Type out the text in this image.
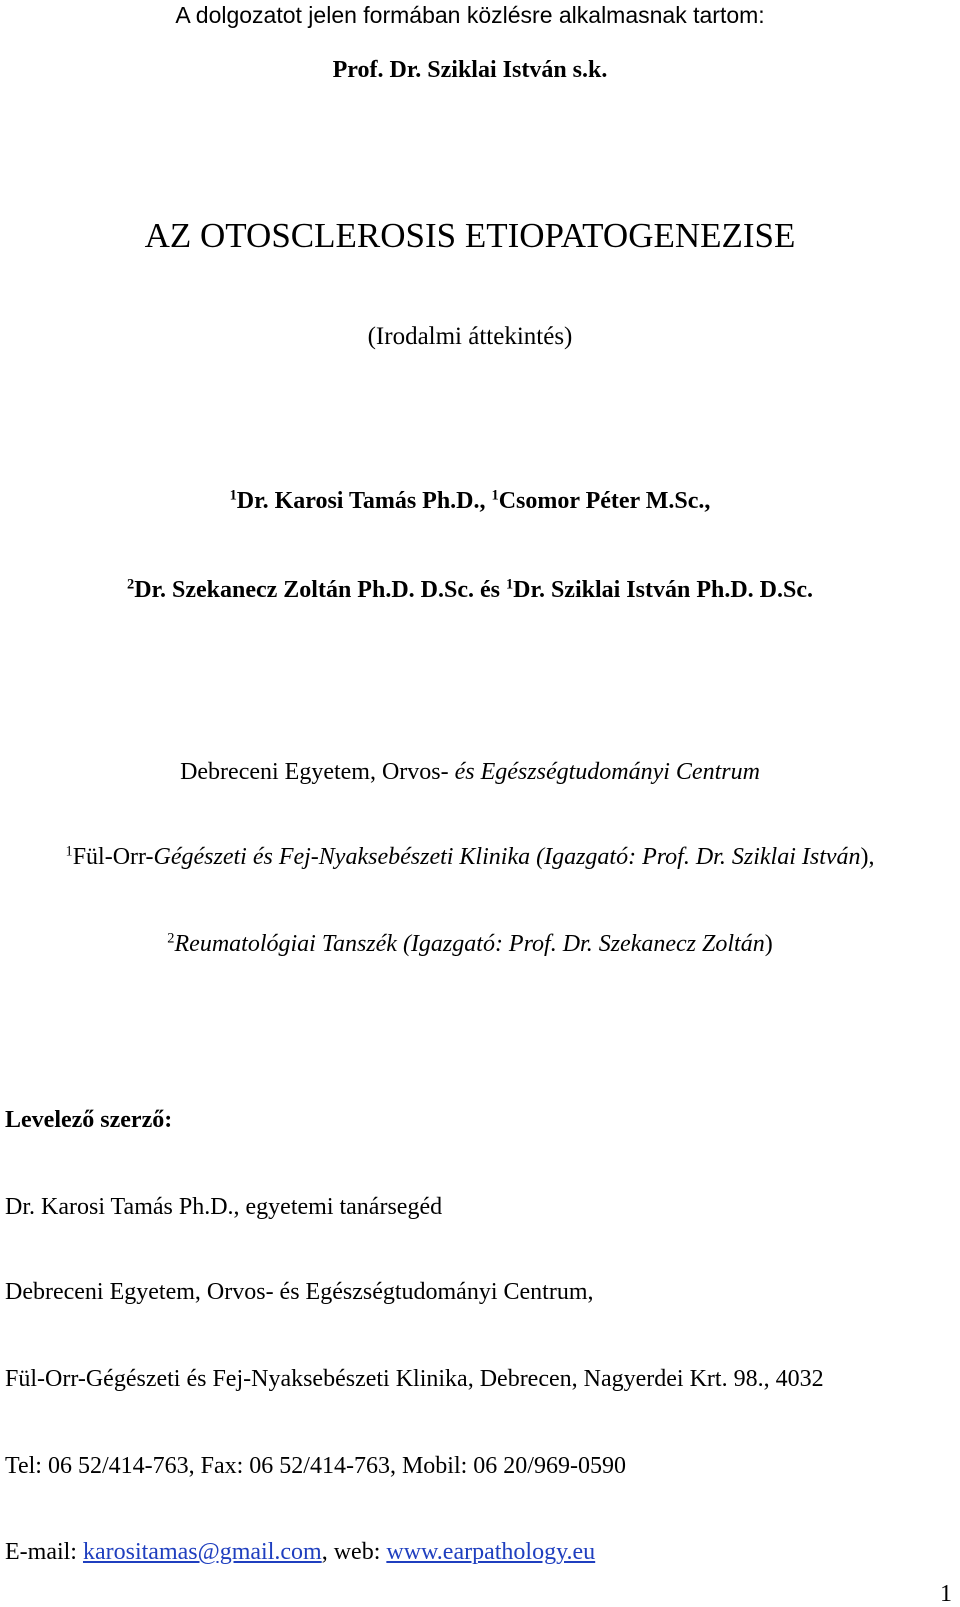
A dolgozatot jelen formában közlésre alkalmasnak tartom:
Prof. Dr. Sziklai István s.k.
AZ OTOSCLEROSIS ETIOPATOGENEZISE
(Irodalmi áttekintés)
$^1$Dr. Karosi Tamás Ph.D., $^1$Csomor Péter M.Sc.,
$^2$Dr. Szekanecz Zoltán Ph.D. D.Sc. és $^1$Dr. Sziklai István Ph.D. D.Sc.
Debreceni Egyetem, Orvos- és Egészségtudományi Centrum
$^1$Fül-Orr-Gégészeti és Fej-Nyaksebészeti Klinika (Igazgató: Prof. Dr. Sziklai István),
$^2$Reumatológiai Tanszék (Igazgató: Prof. Dr. Szekanecz Zoltán)
Levelező szerző:
Dr. Karosi Tamás Ph.D., egyetemi tanársegéd
Debreceni Egyetem, Orvos- és Egészségtudományi Centrum,
Fül-Orr-Gégészeti és Fej-Nyaksebészeti Klinika, Debrecen, Nagyerdei Krt. 98., 4032
Tel: 06 52/414-763, Fax: 06 52/414-763, Mobil: 06 20/969-0590
E-mail: karositamas@gmail.com, web: www.earpathology.eu
1
